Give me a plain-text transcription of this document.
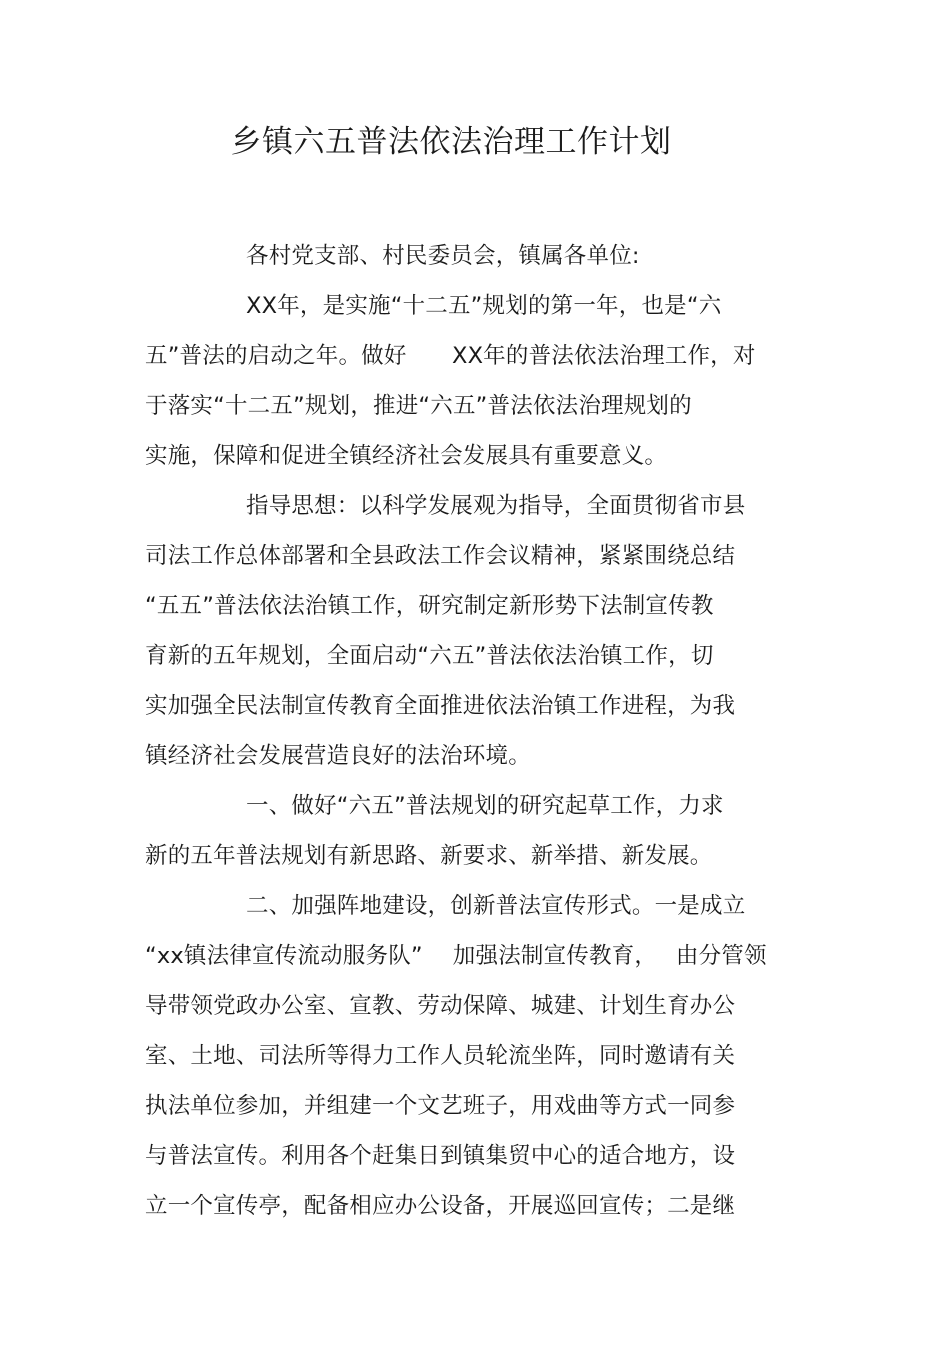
乡镇六五普法依法治理工作计划

各村党支部、村民委员会，镇属各单位:

XX年，是实施“十二五”规划的第一年，也是“六

五”普法的启动之年。做好　　XX年的普法依法治理工作，对

于落实“十二五”规划，推进“六五”普法依法治理规划的

实施，保障和促进全镇经济社会发展具有重要意义。

指导思想：以科学发展观为指导，全面贯彻省市县

司法工作总体部署和全县政法工作会议精神，紧紧围绕总结

“五五”普法依法治镇工作，研究制定新形势下法制宣传教

育新的五年规划，全面启动“六五”普法依法治镇工作，切

实加强全民法制宣传教育全面推进依法治镇工作进程，为我

镇经济社会发展营造良好的法治环境。

一、做好“六五”普法规划的研究起草工作，力求

新的五年普法规划有新思路、新要求、新举措、新发展。

二、加强阵地建设，创新普法宣传形式。一是成立

“xx镇法律宣传流动服务队”　 加强法制宣传教育，　 由分管领

导带领党政办公室、宣教、劳动保障、城建、计划生育办公

室、土地、司法所等得力工作人员轮流坐阵，同时邀请有关

执法单位参加，并组建一个文艺班子，用戏曲等方式一同参

与普法宣传。利用各个赶集日到镇集贸中心的适合地方，设

立一个宣传亭，配备相应办公设备，开展巡回宣传；二是继
